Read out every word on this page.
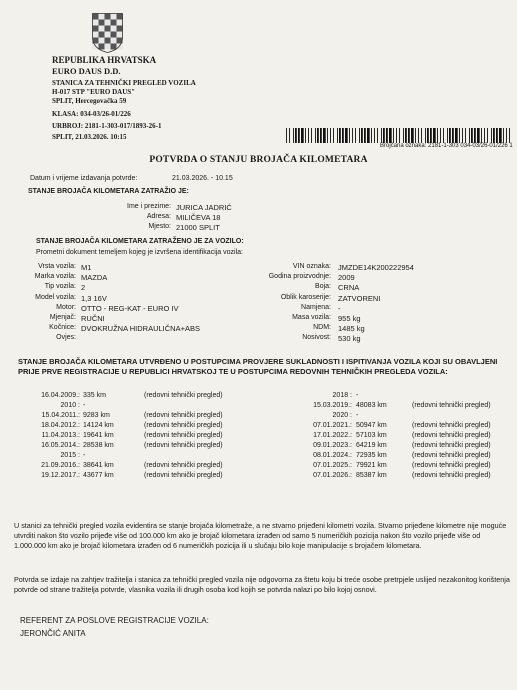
REPUBLIKA HRVATSKA
EURO DAUS D.D.
STANICA ZA TEHNIČKI PREGLED VOZILA
H-017 STP "EURO DAUS"
SPLIT, Hercegovačka 59
KLASA: 034-03/26-01/226
URBROJ: 2181-1-303-017/1893-26-1
SPLIT, 21.03.2026. 10:15
Brojčana oznaka: 2181-1-303 034-03/26-01/226 1
POTVRDA O STANJU BROJAČA KILOMETARA
Datum i vrijeme izdavanja potvrde:	21.03.2026. - 10.15
STANJE BROJAČA KILOMETARA ZATRAŽIO JE:
Ime i prezime: JURICA JADRIĆ
Adresa: MILIČEVA 18
Mjesto: 21000 SPLIT
STANJE BROJAČA KILOMETARA ZATRAŽENO JE ZA VOZILO:
Prometni dokument temeljem kojeg je izvršena identifikacija vozila:
Vrsta vozila: M1
Marka vozila: MAZDA
Tip vozila: 2
Model vozila: 1,3 16V
Motor: OTTO - REG-KAT - EURO IV
Mjenjač: RUČNI
Kočnice: DVOKRUŽNA HIDRAULIČNA+ABS
Ovjes:
VIN oznaka: JMZDE14K200222954
Godina proizvodnje: 2009
Boja: CRNA
Oblik karoserije: ZATVORENI
Namjena: -
Masa vozila: 955 kg
NDM: 1485 kg
Nosivost: 530 kg
STANJE BROJAČA KILOMETARA UTVRĐENO U POSTUPCIMA PROVJERE SUKLADNOSTI I ISPITIVANJA VOZILA KOJI SU OBAVLJENI PRIJE PRVE REGISTRACIJE U REPUBLICI HRVATSKOJ TE U POSTUPCIMA REDOVNIH TEHNIČKIH PREGLEDA VOZILA:
16.04.2009.: 335 km	(redovni tehnički pregled)
2010 : -
15.04.2011.: 9283 km	(redovni tehnički pregled)
18.04.2012.: 14124 km	(redovni tehnički pregled)
11.04.2013.: 19641 km	(redovni tehnički pregled)
16.05.2014.: 28538 km	(redovni tehnički pregled)
2015 : -
21.09.2016.: 38641 km	(redovni tehnički pregled)
19.12.2017.: 43677 km	(redovni tehnički pregled)
2018 : -
15.03.2019.: 48083 km	(redovni tehnički pregled)
2020 : -
07.01.2021.: 50947 km	(redovni tehnički pregled)
17.01.2022.: 57103 km	(redovni tehnički pregled)
09.01.2023.: 64219 km	(redovni tehnički pregled)
08.01.2024.: 72935 km	(redovni tehnički pregled)
07.01.2025.: 79921 km	(redovni tehnički pregled)
07.01.2026.: 85387 km	(redovni tehnički pregled)
U stanici za tehnički pregled vozila evidentira se stanje brojača kilometraže, a ne stvarno prijeđeni kilometri vozila. Stvarno prijeđene kilometre nije moguće utvrditi nakon što vozilo prijeđe više od 100.000 km ako je brojač kilometara izrađen od samo 5 numeričkih pozicija nakon što vozilo prijeđe više od 1.000.000 km ako je brojač kilometara izrađen od 6 numeričkih pozicija ili u slučaju bilo koje manipulacije s brojačem kilometara.
Potvrda se izdaje na zahtjev tražitelja i stanica za tehnički pregled vozila nije odgovorna za štetu koju bi treće osobe pretrpjele uslijed nezakonitog korištenja potvrde od strane tražitelja potvrde, vlasnika vozila ili drugih osoba kod kojih se potvrda nalazi po bilo kojoj osnovi.
REFERENT ZA POSLOVE REGISTRACIJE VOZILA:
JERONČIĆ ANITA
